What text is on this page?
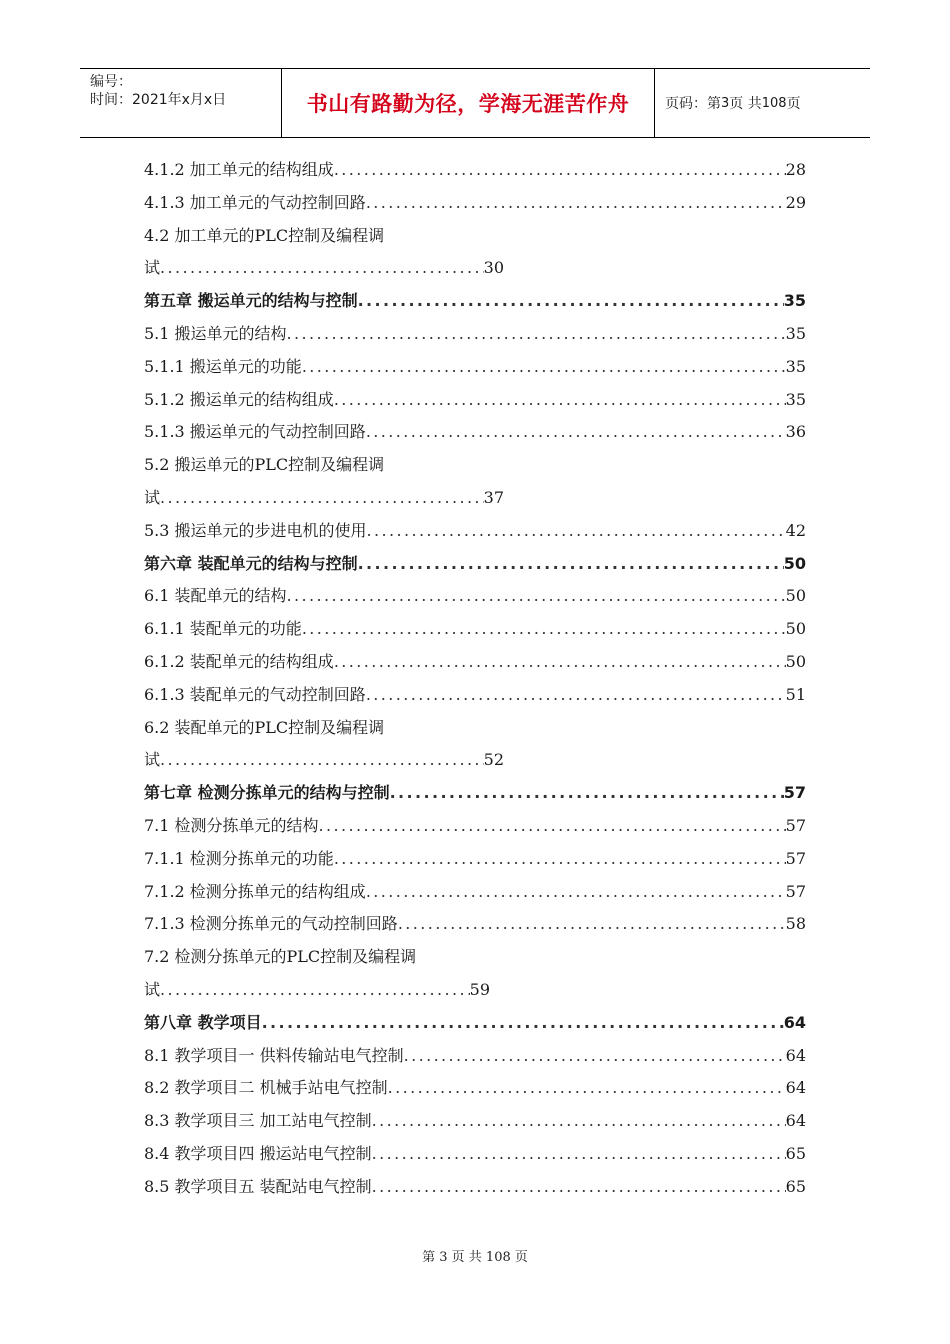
编号：
时间：2021年x月x日	书山有路勤为径，学海无涯苦作舟	页码：第 3 页 共 108 页
4.1.2 加工单元的结构组成 .....	28
4.1.3 加工单元的气动控制回路 .....	29
4.2 加工单元的PLC控制及编程调
试 .....	30
第五章 搬运单元的结构与控制 .....	35
5.1 搬运单元的结构 .....	35
5.1.1 搬运单元的功能 .....	35
5.1.2 搬运单元的结构组成 .....	35
5.1.3 搬运单元的气动控制回路 .....	36
5.2 搬运单元的PLC控制及编程调
试 .....	37
5.3 搬运单元的步进电机的使用 .....	42
第六章 装配单元的结构与控制 .....	50
6.1 装配单元的结构 .....	50
6.1.1 装配单元的功能 .....	50
6.1.2 装配单元的结构组成 .....	50
6.1.3 装配单元的气动控制回路 .....	51
6.2 装配单元的PLC控制及编程调
试 .....	52
第七章 检测分拣单元的结构与控制 .....	57
7.1 检测分拣单元的结构 .....	57
7.1.1 检测分拣单元的功能 .....	57
7.1.2 检测分拣单元的结构组成 .....	57
7.1.3 检测分拣单元的气动控制回路 .....	58
7.2 检测分拣单元的PLC控制及编程调
试 .....	59
第八章 教学项目 .....	64
8.1 教学项目一 供料传输站电气控制 .....	64
8.2 教学项目二 机械手站电气控制 .....	64
8.3 教学项目三 加工站电气控制 .....	64
8.4 教学项目四 搬运站电气控制 .....	65
8.5 教学项目五 装配站电气控制 .....	65
第 3 页 共 108 页
